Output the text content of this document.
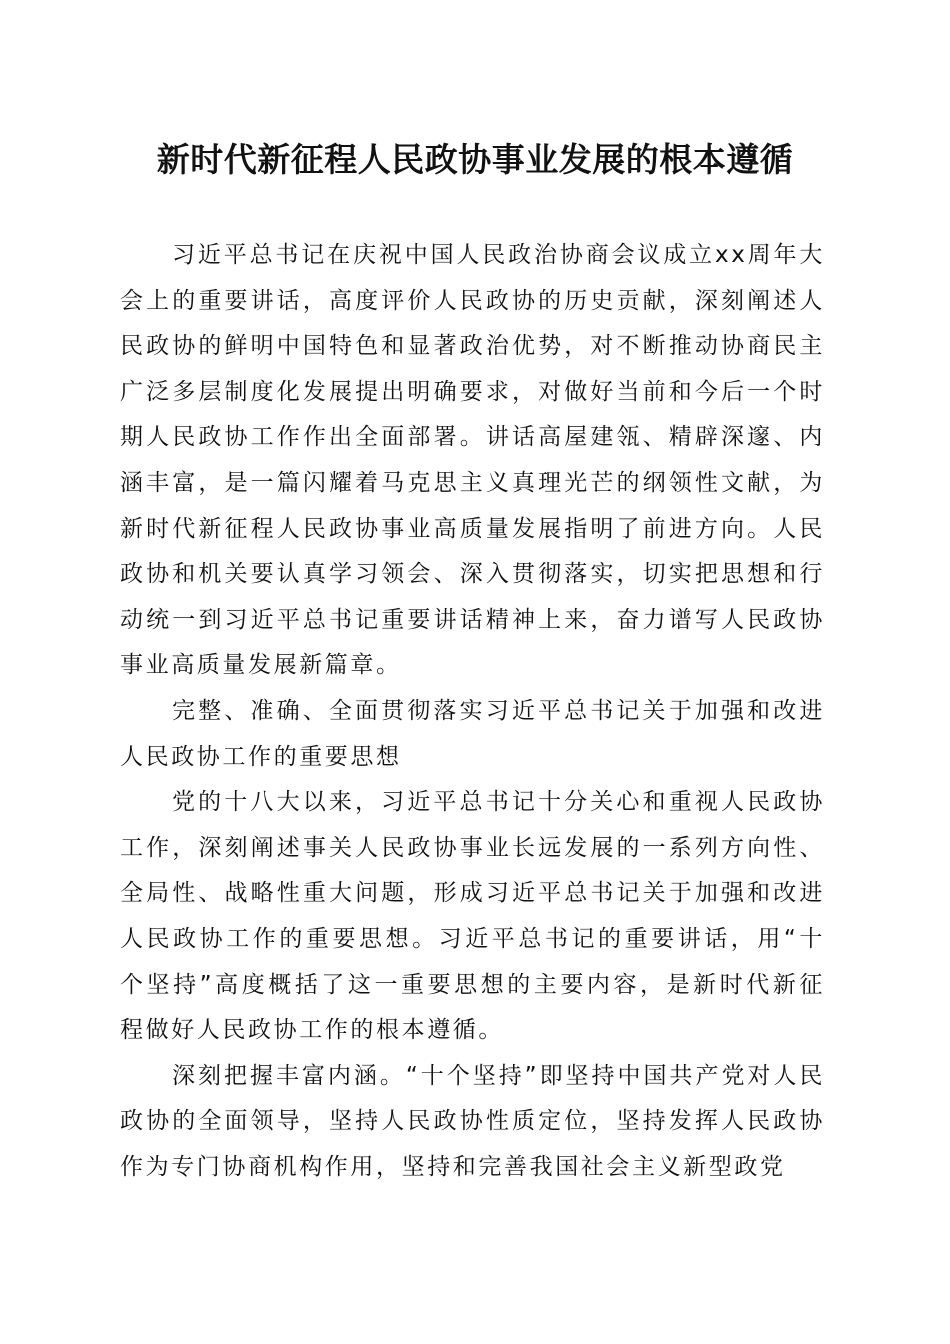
新时代新征程人民政协事业发展的根本遵循

习近平总书记在庆祝中国人民政治协商会议成立xx周年大会上的重要讲话，高度评价人民政协的历史贡献，深刻阐述人民政协的鲜明中国特色和显著政治优势，对不断推动协商民主广泛多层制度化发展提出明确要求，对做好当前和今后一个时期人民政协工作作出全面部署。讲话高屋建瓴、精辟深邃、内涵丰富，是一篇闪耀着马克思主义真理光芒的纲领性文献，为新时代新征程人民政协事业高质量发展指明了前进方向。人民政协和机关要认真学习领会、深入贯彻落实，切实把思想和行动统一到习近平总书记重要讲话精神上来，奋力谱写人民政协事业高质量发展新篇章。

完整、准确、全面贯彻落实习近平总书记关于加强和改进人民政协工作的重要思想

党的十八大以来，习近平总书记十分关心和重视人民政协工作，深刻阐述事关人民政协事业长远发展的一系列方向性、全局性、战略性重大问题，形成习近平总书记关于加强和改进人民政协工作的重要思想。习近平总书记的重要讲话，用“十个坚持”高度概括了这一重要思想的主要内容，是新时代新征程做好人民政协工作的根本遵循。

深刻把握丰富内涵。“十个坚持”即坚持中国共产党对人民政协的全面领导，坚持人民政协性质定位，坚持发挥人民政协作为专门协商机构作用，坚持和完善我国社会主义新型政党
